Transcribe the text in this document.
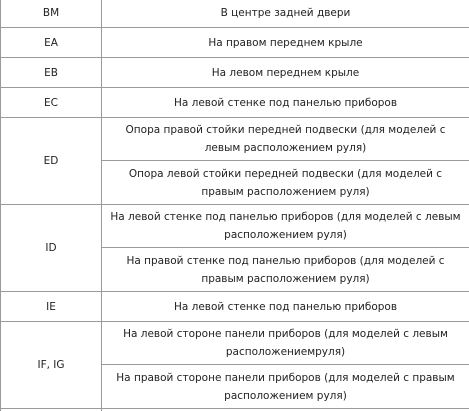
BM	В центре задней двери
EA	На правом переднем крыле
EB	На левом переднем крыле
EC	На левой стенке под панелью приборов
ED	Опора правой стойки передней подвески (для моделей с левым расположением руля)
	Опора левой стойки передней подвески (для моделей с правым расположением руля)
ID	На левой стенке под панелью приборов (для моделей с левым расположением руля)
	На правой стенке под панелью приборов (для моделей с правым расположением руля)
IE	На левой стенке под панелью приборов
IF, IG	На левой стороне панели приборов (для моделей с левым расположениемруля)
	На правой стороне панели приборов (для моделей с правым расположением руля)
